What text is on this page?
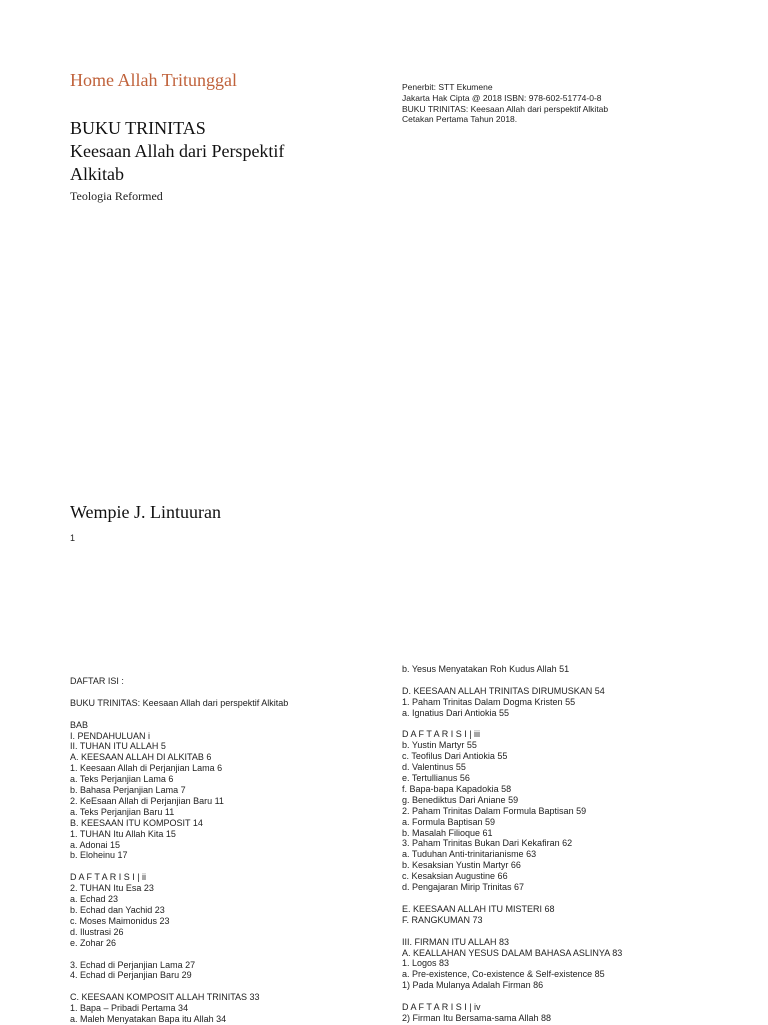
Home Allah Tritunggal
BUKU TRINITAS
Keesaan Allah dari Perspektif
Alkitab
Teologia Reformed
Penerbit: STT Ekumene
Jakarta Hak Cipta @ 2018 ISBN: 978-602-51774-0-8
BUKU TRINITAS: Keesaan Allah dari perspektif Alkitab
Cetakan Pertama Tahun 2018.
Wempie J. Lintuuran
1
DAFTAR ISI :
BUKU TRINITAS: Keesaan Allah dari perspektif Alkitab
BAB
I. PENDAHULUAN i
II. TUHAN ITU ALLAH 5
A. KEESAAN ALLAH DI ALKITAB 6
1. Keesaan Allah di Perjanjian Lama 6
a. Teks Perjanjian Lama 6
b. Bahasa Perjanjian Lama 7
2. KeEsaan Allah di Perjanjian Baru 11
a. Teks Perjanjian Baru 11
B. KEESAAN ITU KOMPOSIT 14
1. TUHAN Itu Allah Kita 15
a. Adonai 15
b. Eloheinu 17
D A F T A R I S I | ii
2. TUHAN Itu Esa 23
a. Echad 23
b. Echad dan Yachid 23
c. Moses Maimonidus 23
d. Ilustrasi 26
e. Zohar 26
3. Echad di Perjanjian Lama 27
4. Echad di Perjanjian Baru 29
C. KEESAAN KOMPOSIT ALLAH TRINITAS 33
1. Bapa – Pribadi Pertama 34
a. Maleh Menyatakan Bapa itu Allah 34
b. Yesus Menyatakan Roh Kudus Allah 51
D. KEESAAN ALLAH TRINITAS DIRUMUSKAN 54
1. Paham Trinitas Dalam Dogma Kristen 55
a. Ignatius Dari Antiokia 55
D A F T A R I S I | iii
b. Yustin Martyr 55
c. Teofilus Dari Antiokia 55
d. Valentinus 55
e. Tertullianus 56
f. Bapa-bapa Kapadokia 58
g. Benediktus Dari Aniane 59
2. Paham Trinitas Dalam Formula Baptisan 59
a. Formula Baptisan 59
b. Masalah Filioque 61
3. Paham Trinitas Bukan Dari Kekafiran 62
a. Tuduhan Anti-trinitarianisme 63
b. Kesaksian Yustin Martyr 66
c. Kesaksian Augustine 66
d. Pengajaran Mirip Trinitas 67
E. KEESAAN ALLAH ITU MISTERI 68
F. RANGKUMAN 73
III. FIRMAN ITU ALLAH 83
A. KEALLAHAN YESUS DALAM BAHASA ASLINYA 83
1. Logos 83
a. Pre-existence, Co-existence & Self-existence 85
1) Pada Mulanya Adalah Firman 86
D A F T A R I S I | iv
2) Firman Itu Bersama-sama Allah 88
